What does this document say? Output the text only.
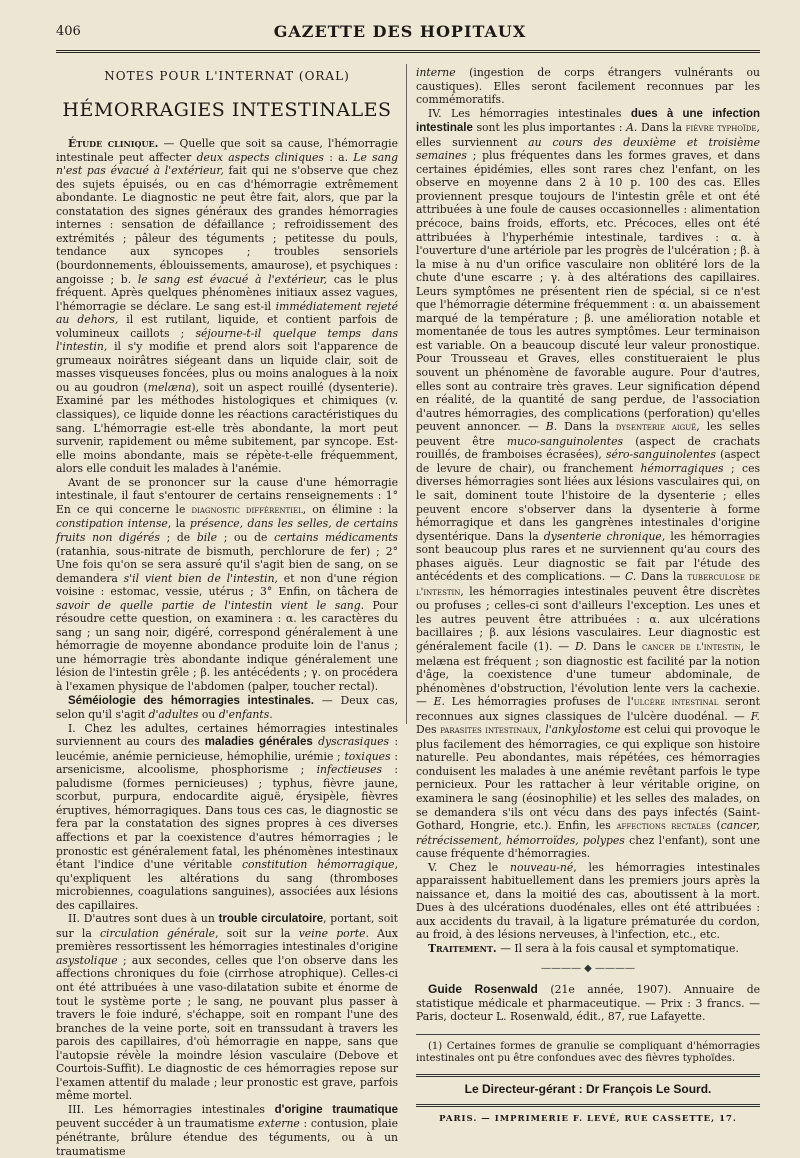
406	GAZETTE DES HOPITAUX
NOTES POUR L'INTERNAT (ORAL)
HÉMORRAGIES INTESTINALES

Étude clinique. — Quelle que soit sa cause, l'hémorragie intestinale peut affecter deux aspects cliniques : a. Le sang n'est pas évacué à l'extérieur, fait qui ne s'observe que chez des sujets épuisés, ou en cas d'hémorragie extrêmement abondante. Le diagnostic ne peut être fait, alors, que par la constatation des signes généraux des grandes hémorragies internes : sensation de défaillance ; refroidissement des extrémités ; pâleur des téguments ; petitesse du pouls, tendance aux syncopes ; troubles sensoriels (bourdonnements, éblouissements, amaurose), et psychiques : angoisse ; b. le sang est évacué à l'extérieur, cas le plus fréquent. Après quelques phénomènes initiaux assez vagues, l'hémorragie se déclare. Le sang est-il immédiatement rejeté au dehors, il est rutilant, liquide, et contient parfois de volumineux caillots ; séjourne-t-il quelque temps dans l'intestin, il s'y modifie et prend alors soit l'apparence de grumeaux noirâtres siégeant dans un liquide clair, soit de masses visqueuses foncées, plus ou moins analogues à la noix ou au goudron (melæna), soit un aspect rouillé (dysenterie). Examiné par les méthodes histologiques et chimiques (v. classiques), ce liquide donne les réactions caractéristiques du sang. L'hémorragie est-elle très abondante, la mort peut survenir, rapidement ou même subitement, par syncope. Est-elle moins abondante, mais se répète-t-elle fréquemment, alors elle conduit les malades à l'anémie.

Avant de se prononcer sur la cause d'une hémorragie intestinale, il faut s'entourer de certains renseignements : 1° En ce qui concerne le diagnostic différentiel, on élimine : la constipation intense, la présence, dans les selles, de certains fruits non digérés ; de bile ; ou de certains médicaments (ratanhia, sous-nitrate de bismuth, perchlorure de fer) ; 2° Une fois qu'on se sera assuré qu'il s'agit bien de sang, on se demandera s'il vient bien de l'intestin, et non d'une région voisine : estomac, vessie, utérus ; 3° Enfin, on tâchera de savoir de quelle partie de l'intestin vient le sang. Pour résoudre cette question, on examinera : α. les caractères du sang ; un sang noir, digéré, correspond généralement à une hémorragie de moyenne abondance produite loin de l'anus ; une hémorragie très abondante indique généralement une lésion de l'intestin grêle ; β. les antécédents ; γ. on procédera à l'examen physique de l'abdomen (palper, toucher rectal).

Séméiologie des hémorragies intestinales. — Deux cas, selon qu'il s'agit d'adultes ou d'enfants.

I. Chez les adultes, certaines hémorragies intestinales surviennent au cours des maladies générales dyscrasiques : leucémie, anémie pernicieuse, hémophilie, urémie ; toxiques : arsenicisme, alcoolisme, phosphorisme ; infectieuses : paludisme (formes pernicieuses) ; typhus, fièvre jaune, scorbut, purpura, endocardite aiguë, érysipèle, fièvres éruptives, hémorragiques. Dans tous ces cas, le diagnostic se fera par la constatation des signes propres à ces diverses affections et par la coexistence d'autres hémorragies ; le pronostic est généralement fatal, les phénomènes intestinaux étant l'indice d'une véritable constitution hémorragique, qu'expliquent les altérations du sang (thromboses microbiennes, coagulations sanguines), associées aux lésions des capillaires.

II. D'autres sont dues à un trouble circulatoire, portant, soit sur la circulation générale, soit sur la veine porte. Aux premières ressortissent les hémorragies intestinales d'origine asystolique ; aux secondes, celles que l'on observe dans les affections chroniques du foie (cirrhose atrophique). Celles-ci ont été attribuées à une vaso-dilatation subite et énorme de tout le système porte ; le sang, ne pouvant plus passer à travers le foie induré, s'échappe, soit en rompant l'une des branches de la veine porte, soit en transsudant à travers les parois des capillaires, d'où hémorragie en nappe, sans que l'autopsie révèle la moindre lésion vasculaire (Debove et Courtois-Suffit). Le diagnostic de ces hémorragies repose sur l'examen attentif du malade ; leur pronostic est grave, parfois même mortel.

III. Les hémorragies intestinales d'origine traumatique peuvent succéder à un traumatisme externe : contusion, plaie pénétrante, brûlure étendue des téguments, ou à un traumatisme

interne (ingestion de corps étrangers vulnérants ou caustiques). Elles seront facilement reconnues par les commémoratifs.

IV. Les hémorragies intestinales dues à une infection intestinale sont les plus importantes : A. Dans la fièvre typhoïde, elles surviennent au cours des deuxième et troisième semaines ; plus fréquentes dans les formes graves, et dans certaines épidémies, elles sont rares chez l'enfant, on les observe en moyenne dans 2 à 10 p. 100 des cas. Elles proviennent presque toujours de l'intestin grêle et ont été attribuées à une foule de causes occasionnelles : alimentation précoce, bains froids, efforts, etc. Précoces, elles ont été attribuées à l'hyperhémie intestinale, tardives : α. à l'ouverture d'une artériole par les progrès de l'ulcération ; β. à la mise à nu d'un orifice vasculaire non oblitéré lors de la chute d'une escarre ; γ. à des altérations des capillaires. Leurs symptômes ne présentent rien de spécial, si ce n'est que l'hémorragie détermine fréquemment : α. un abaissement marqué de la température ; β. une amélioration notable et momentanée de tous les autres symptômes. Leur terminaison est variable. On a beaucoup discuté leur valeur pronostique. Pour Trousseau et Graves, elles constitueraient le plus souvent un phénomène de favorable augure. Pour d'autres, elles sont au contraire très graves. Leur signification dépend en réalité, de la quantité de sang perdue, de l'association d'autres hémorragies, des complications (perforation) qu'elles peuvent annoncer. — B. Dans la dysenterie aiguë, les selles peuvent être muco-sanguinolentes (aspect de crachats rouillés, de framboises écrasées), séro-sanguinolentes (aspect de levure de chair), ou franchement hémorragiques ; ces diverses hémorragies sont liées aux lésions vasculaires qui, on le sait, dominent toute l'histoire de la dysenterie ; elles peuvent encore s'observer dans la dysenterie à forme hémorragique et dans les gangrènes intestinales d'origine dysentérique. Dans la dysenterie chronique, les hémorragies sont beaucoup plus rares et ne surviennent qu'au cours des phases aiguës. Leur diagnostic se fait par l'étude des antécédents et des complications. — C. Dans la tuberculose de l'intestin, les hémorragies intestinales peuvent être discrètes ou profuses ; celles-ci sont d'ailleurs l'exception. Les unes et les autres peuvent être attribuées : α. aux ulcérations bacillaires ; β. aux lésions vasculaires. Leur diagnostic est généralement facile (1). — D. Dans le cancer de l'intestin, le melæna est fréquent ; son diagnostic est facilité par la notion d'âge, la coexistence d'une tumeur abdominale, de phénomènes d'obstruction, l'évolution lente vers la cachexie. — E. Les hémorragies profuses de l'ulcère intestinal seront reconnues aux signes classiques de l'ulcère duodénal. — F. Des parasites intestinaux, l'ankylostome est celui qui provoque le plus facilement des hémorragies, ce qui explique son histoire naturelle. Peu abondantes, mais répétées, ces hémorragies conduisent les malades à une anémie revêtant parfois le type pernicieux. Pour les rattacher à leur véritable origine, on examinera le sang (éosinophilie) et les selles des malades, on se demandera s'ils ont vécu dans des pays infectés (Saint-Gothard, Hongrie, etc.). Enfin, les affections rectales (cancer, rétrécissement, hémorroïdes, polypes chez l'enfant), sont une cause fréquente d'hémorragies.

V. Chez le nouveau-né, les hémorragies intestinales apparaissent habituellement dans les premiers jours après la naissance et, dans la moitié des cas, aboutissent à la mort. Dues à des ulcérations duodénales, elles ont été attribuées : aux accidents du travail, à la ligature prématurée du cordon, au froid, à des lésions nerveuses, à l'infection, etc., etc.

Traitement. — Il sera à la fois causal et symptomatique.

———— ◆ ————

Guide Rosenwald (21e année, 1907). Annuaire de statistique médicale et pharmaceutique. — Prix : 3 francs. — Paris, docteur L. Rosenwald, édit., 87, rue Lafayette.

(1) Certaines formes de granulie se compliquant d'hémorragies intestinales ont pu être confondues avec des fièvres typhoïdes.

Le Directeur-gérant : Dr François Le Sourd.
PARIS. — IMPRIMERIE F. LEVÉ, RUE CASSETTE, 17.
